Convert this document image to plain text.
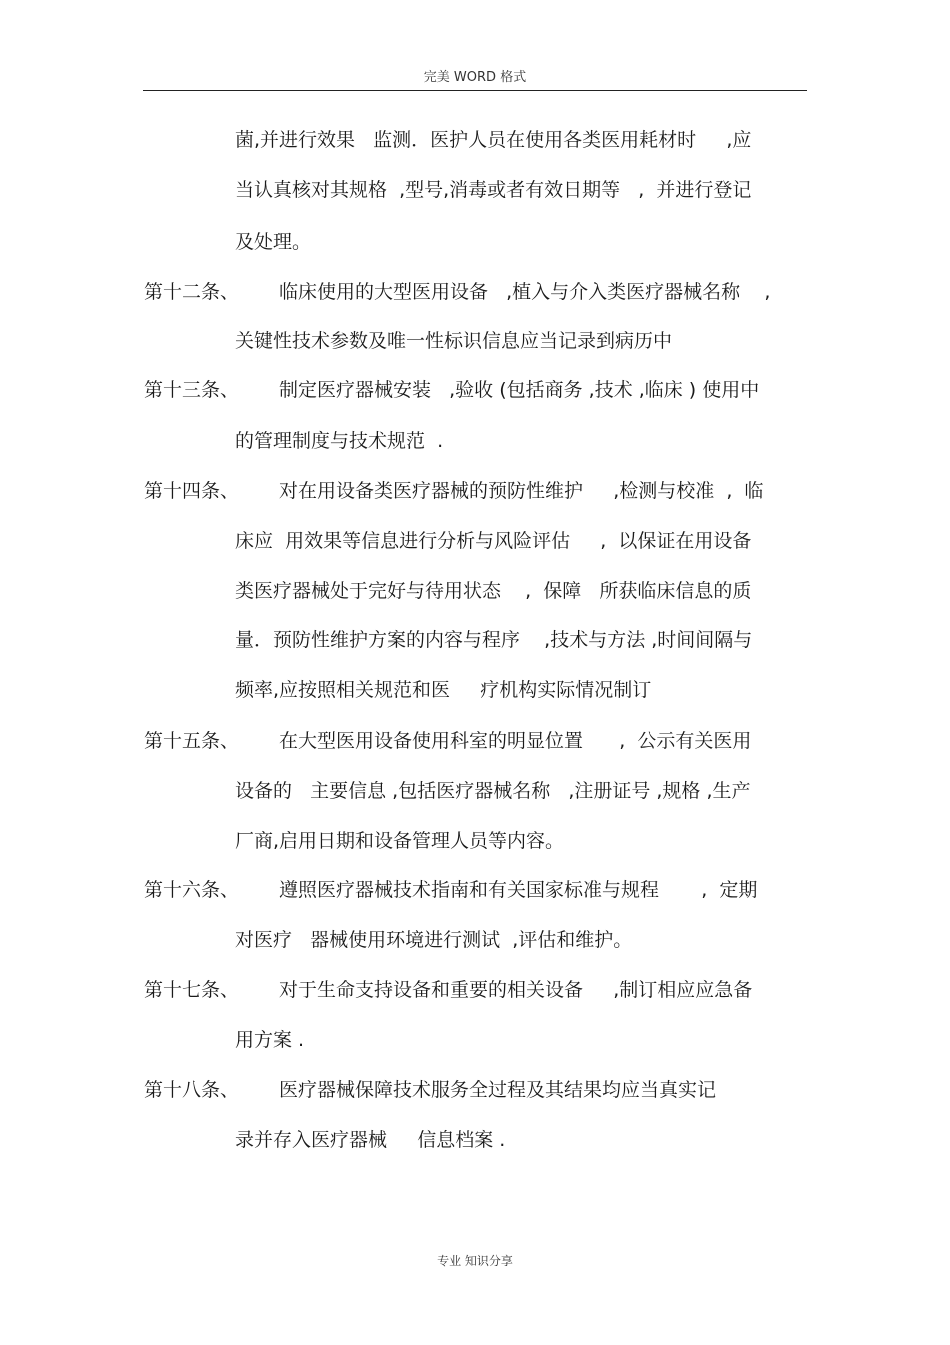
完美 WORD 格式
菌,并进行效果   监测．医护人员在使用各类医用耗材时     ,应
当认真核对其规格  ,型号,消毒或者有效日期等   ,  并进行登记
及处理。
第十二条、 临床使用的大型医用设备   ,植入与介入类医疗器械名称    ,
关键性技术参数及唯一性标识信息应当记录到病历中
第十三条、 制定医疗器械安装   ,验收 (包括商务 ,技术 ,临床 ) 使用中
的管理制度与技术规范  .
第十四条、 对在用设备类医疗器械的预防性维护     ,检测与校准  ,  临
床应  用效果等信息进行分析与风险评估     ,  以保证在用设备
类医疗器械处于完好与待用状态    ,  保障   所获临床信息的质
量．预防性维护方案的内容与程序    ,技术与方法 ,时间间隔与
频率,应按照相关规范和医     疗机构实际情况制订
第十五条、 在大型医用设备使用科室的明显位置      ,  公示有关医用
设备的   主要信息 ,包括医疗器械名称   ,注册证号 ,规格 ,生产
厂商,启用日期和设备管理人员等内容。
第十六条、 遵照医疗器械技术指南和有关国家标准与规程       ,  定期
对医疗   器械使用环境进行测试  ,评估和维护。
第十七条、 对于生命支持设备和重要的相关设备     ,制订相应应急备
用方案 .
第十八条、 医疗器械保障技术服务全过程及其结果均应当真实记
录并存入医疗器械     信息档案 .
专业 知识分享
